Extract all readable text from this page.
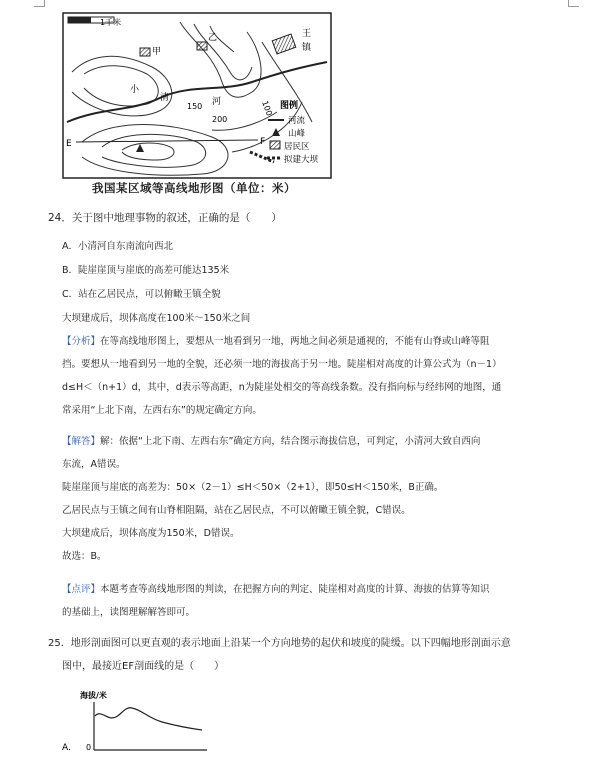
1千米
甲
乙
小
清	河
王
镇
100
150
200
E	F
图例
河流
山峰
居民区
拟建大坝
我国某区域等高线地形图（单位：米）
24．关于图中地理事物的叙述，正确的是（　　）
A．小清河自东南流向西北
B．陡崖崖顶与崖底的高差可能达135米
C．站在乙居民点，可以俯瞰王镇全貌
大坝建成后，坝体高度在100米～150米之间
【分析】在等高线地形图上，要想从一地看到另一地，两地之间必须是通视的，不能有山脊或山峰等阻
挡。要想从一地看到另一地的全貌，还必须一地的海拔高于另一地。陡崖相对高度的计算公式为（n－1）
d≤H＜（n+1）d，其中，d表示等高距，n为陡崖处相交的等高线条数。没有指向标与经纬网的地图，通
常采用“上北下南，左西右东”的规定确定方向。
【解答】解：依据“上北下南、左西右东”确定方向，结合图示海拔信息，可判定，小清河大致自西向
东流，A错误。
陡崖崖顶与崖底的高差为：50×（2－1）≤H＜50×（2+1），即50≤H＜150米，B正确。
乙居民点与王镇之间有山脊相阻隔，站在乙居民点，不可以俯瞰王镇全貌，C错误。
大坝建成后，坝体高度为150米，D错误。
故选：B。
【点评】本题考查等高线地形图的判读，在把握方向的判定、陡崖相对高度的计算、海拔的估算等知识
的基础上，读图理解解答即可。
25．地形剖面图可以更直观的表示地面上沿某一个方向地势的起伏和坡度的陡缓。以下四幅地形剖面示意
图中，最接近EF剖面线的是（　　）
海拔/米
0
A．
